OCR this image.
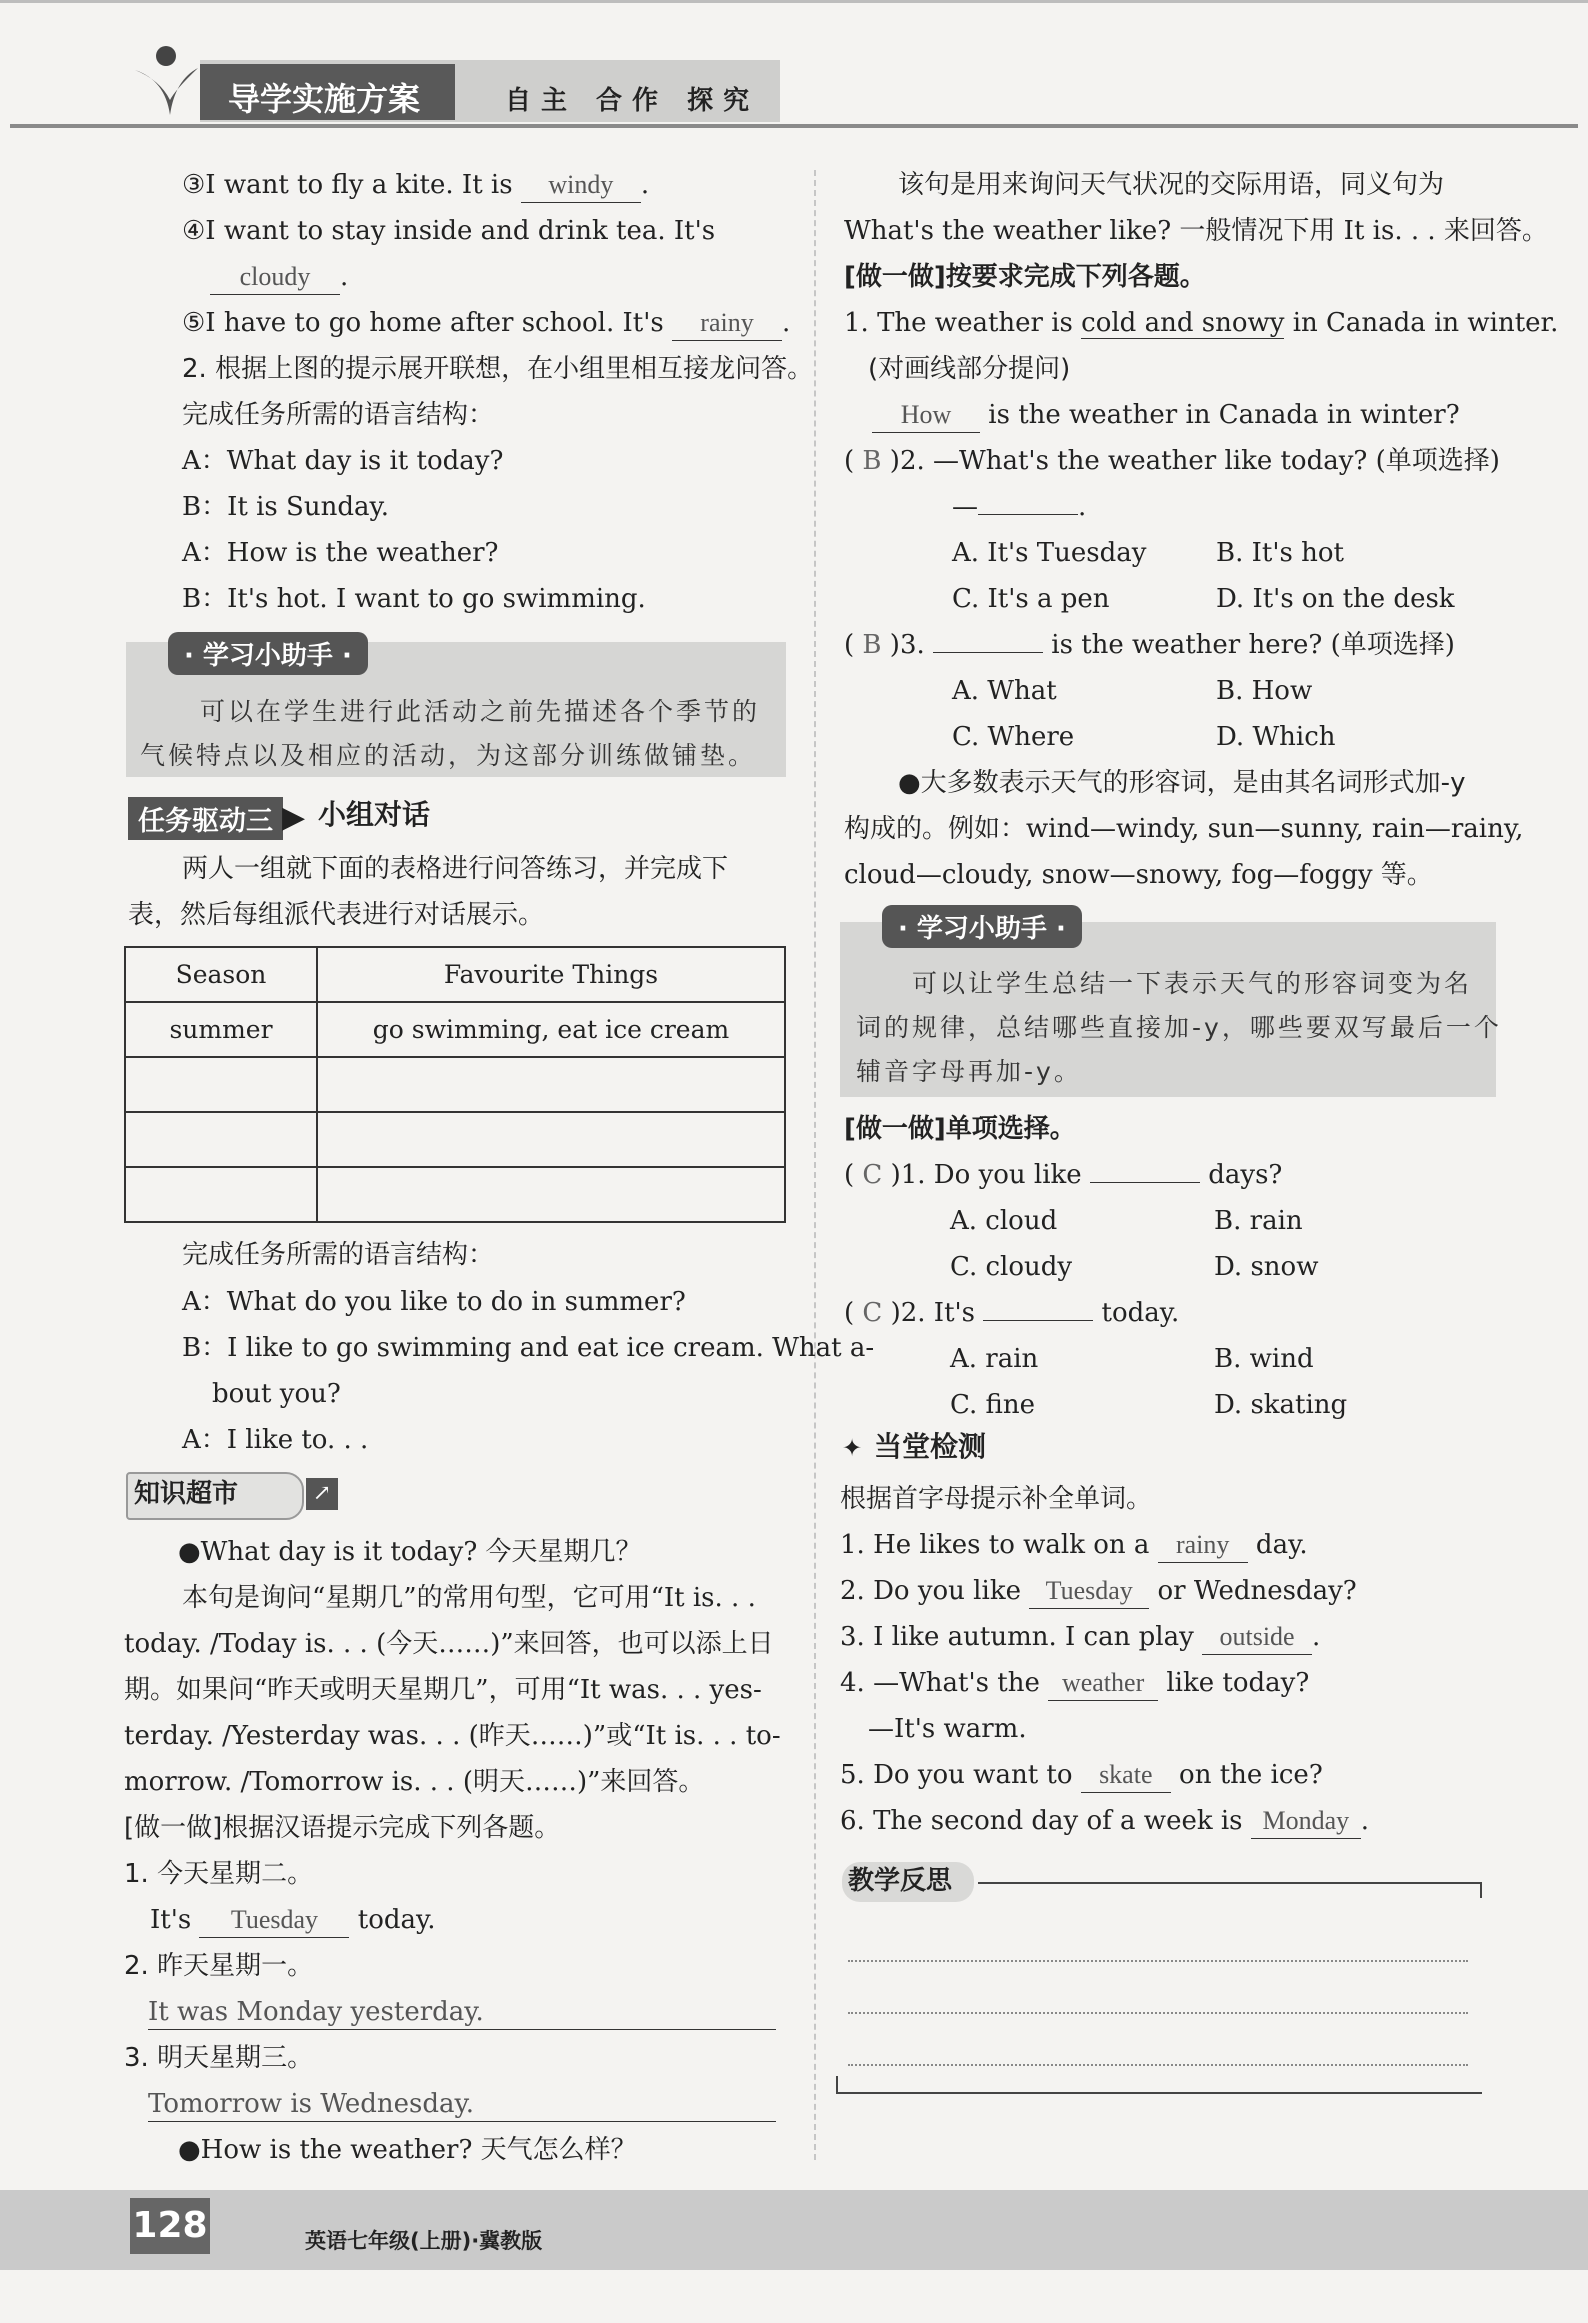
导学实施方案	自主 合作 探究
③I want to fly a kite. It is windy .
④I want to stay inside and drink tea. It's
cloudy .
⑤I have to go home after school. It's rainy .
2. 根据上图的提示展开联想，在小组里相互接龙问答。
完成任务所需的语言结构：
A：What day is it today?
B：It is Sunday.
A：How is the weather?
B：It's hot. I want to go swimming.
· 学习小助手 ·
可以在学生进行此活动之前先描述各个季节的
气候特点以及相应的活动，为这部分训练做铺垫。
任务驱动三 ▶ 小组对话
两人一组就下面的表格进行问答练习，并完成下
表，然后每组派代表进行对话展示。
Season	Favourite Things
summer	go swimming, eat ice cream

完成任务所需的语言结构：
A：What do you like to do in summer?
B：I like to go swimming and eat ice cream. What a-
bout you?
A：I like to. . .
知识超市	↗
●What day is it today? 今天星期几？
本句是询问“星期几”的常用句型，它可用“It is. . .
today. /Today is. . . (今天……)”来回答，也可以添上日
期。如果问“昨天或明天星期几”，可用“It was. . . yes-
terday. /Yesterday was. . . (昨天……)”或“It is. . . to-
morrow. /Tomorrow is. . . (明天……)”来回答。
[做一做]根据汉语提示完成下列各题。
1. 今天星期二。
It's Tuesday today.
2. 昨天星期一。
It was Monday yesterday.
3. 明天星期三。
Tomorrow is Wednesday.
●How is the weather? 天气怎么样？
该句是用来询问天气状况的交际用语，同义句为
What's the weather like? 一般情况下用 It is. . . 来回答。
[做一做]按要求完成下列各题。
1. The weather is cold and snowy in Canada in winter.
(对画线部分提问)
How is the weather in Canada in winter?
( B )2. —What's the weather like today? (单项选择)
—	.
A. It's Tuesday	B. It's hot
C. It's a pen	D. It's on the desk
( B )3.	is the weather here? (单项选择)
A. What	B. How
C. Where	D. Which
●大多数表示天气的形容词，是由其名词形式加-y
构成的。例如：wind—windy, sun—sunny, rain—rainy,
cloud—cloudy, snow—snowy, fog—foggy 等。
· 学习小助手 ·
可以让学生总结一下表示天气的形容词变为名
词的规律，总结哪些直接加-y，哪些要双写最后一个
辅音字母再加-y。
[做一做]单项选择。
( C )1. Do you like	days?
A. cloud	B. rain
C. cloudy	D. snow
( C )2. It's	today.
A. rain	B. wind
C. fine	D. skating
✦ 当堂检测
根据首字母提示补全单词。
1. He likes to walk on a rainy day.
2. Do you like Tuesday or Wednesday?
3. I like autumn. I can play outside .
4. —What's the weather like today?
—It's warm.
5. Do you want to skate on the ice?
6. The second day of a week is Monday .
教学反思
128	英语七年级(上册)·冀教版
